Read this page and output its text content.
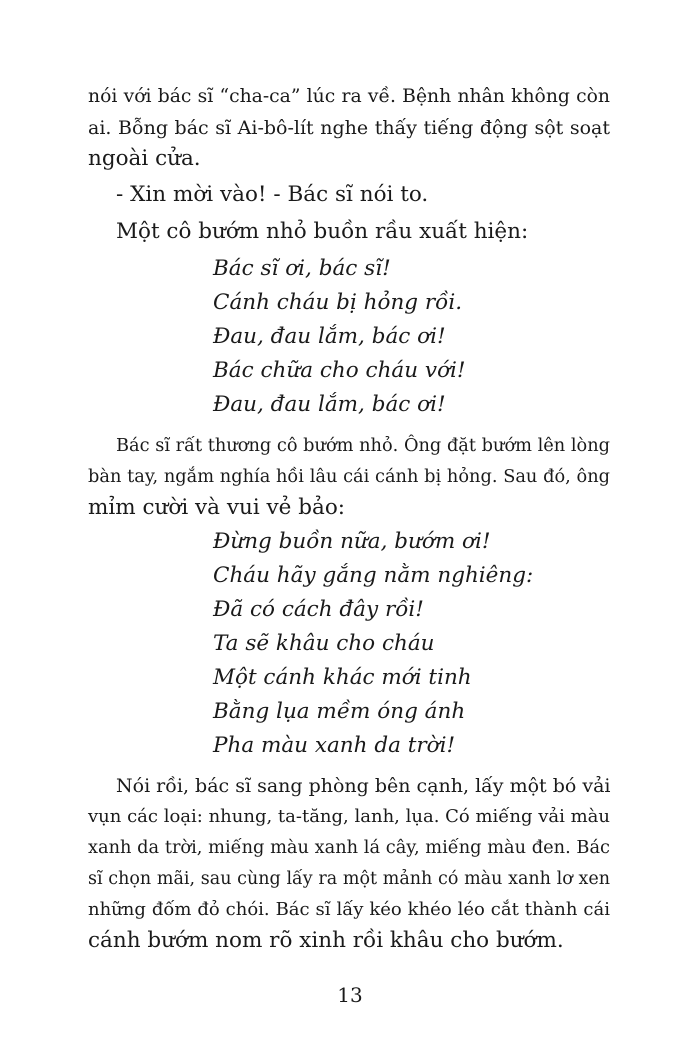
nói với bác sĩ “cha-ca” lúc ra về. Bệnh nhân không còn

ai. Bỗng bác sĩ Ai-bô-lít nghe thấy tiếng động sột soạt

ngoài cửa.

- Xin mời vào! - Bác sĩ nói to.

Một cô bướm nhỏ buồn rầu xuất hiện:

Bác sĩ ơi, bác sĩ!

Cánh cháu bị hỏng rồi.

Đau, đau lắm, bác ơi!

Bác chữa cho cháu với!

Đau, đau lắm, bác ơi!

Bác sĩ rất thương cô bướm nhỏ. Ông đặt bướm lên lòng

bàn tay, ngắm nghía hồi lâu cái cánh bị hỏng. Sau đó, ông

mỉm cười và vui vẻ bảo:

Đừng buồn nữa, bướm ơi!

Cháu hãy gắng nằm nghiêng:

Đã có cách đây rồi!

Ta sẽ khâu cho cháu

Một cánh khác mới tinh

Bằng lụa mềm óng ánh

Pha màu xanh da trời!

Nói rồi, bác sĩ sang phòng bên cạnh, lấy một bó vải

vụn các loại: nhung, ta-tăng, lanh, lụa. Có miếng vải màu

xanh da trời, miếng màu xanh lá cây, miếng màu đen. Bác

sĩ chọn mãi, sau cùng lấy ra một mảnh có màu xanh lơ xen

những đốm đỏ chói. Bác sĩ lấy kéo khéo léo cắt thành cái

cánh bướm nom rõ xinh rồi khâu cho bướm.

13
